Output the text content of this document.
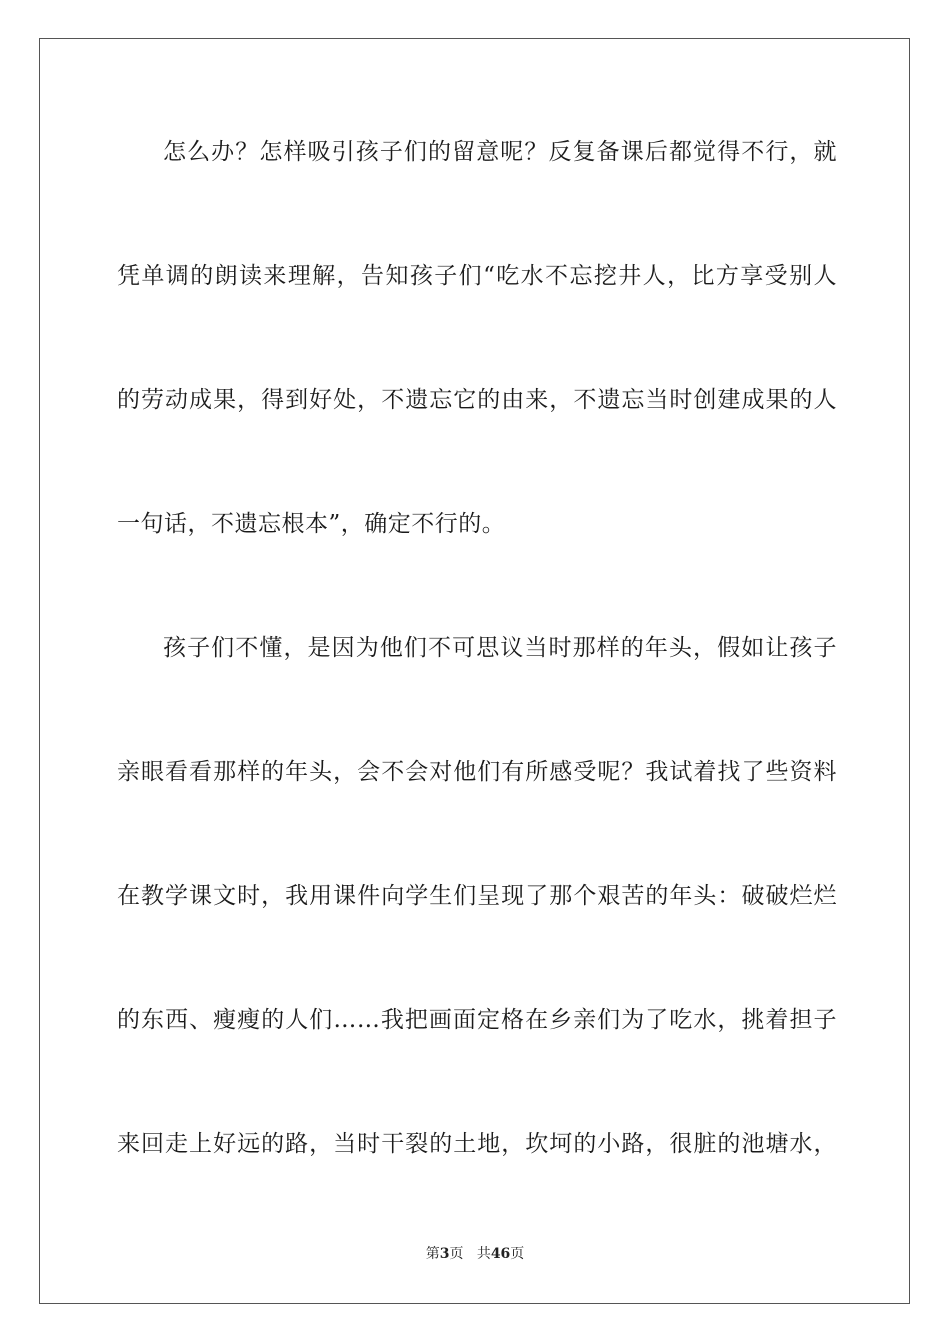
怎么办？怎样吸引孩子们的留意呢？反复备课后都觉得不行，就
凭单调的朗读来理解，告知孩子们“吃水不忘挖井人，比方享受别人
的劳动成果，得到好处，不遗忘它的由来，不遗忘当时创建成果的人
一句话，不遗忘根本”，确定不行的。
孩子们不懂，是因为他们不可思议当时那样的年头，假如让孩子
亲眼看看那样的年头，会不会对他们有所感受呢？我试着找了些资料
在教学课文时，我用课件向学生们呈现了那个艰苦的年头：破破烂烂
的东西、瘦瘦的人们……我把画面定格在乡亲们为了吃水，挑着担子
来回走上好远的路，当时干裂的土地，坎坷的小路，很脏的池塘水，
第3页 共46页
